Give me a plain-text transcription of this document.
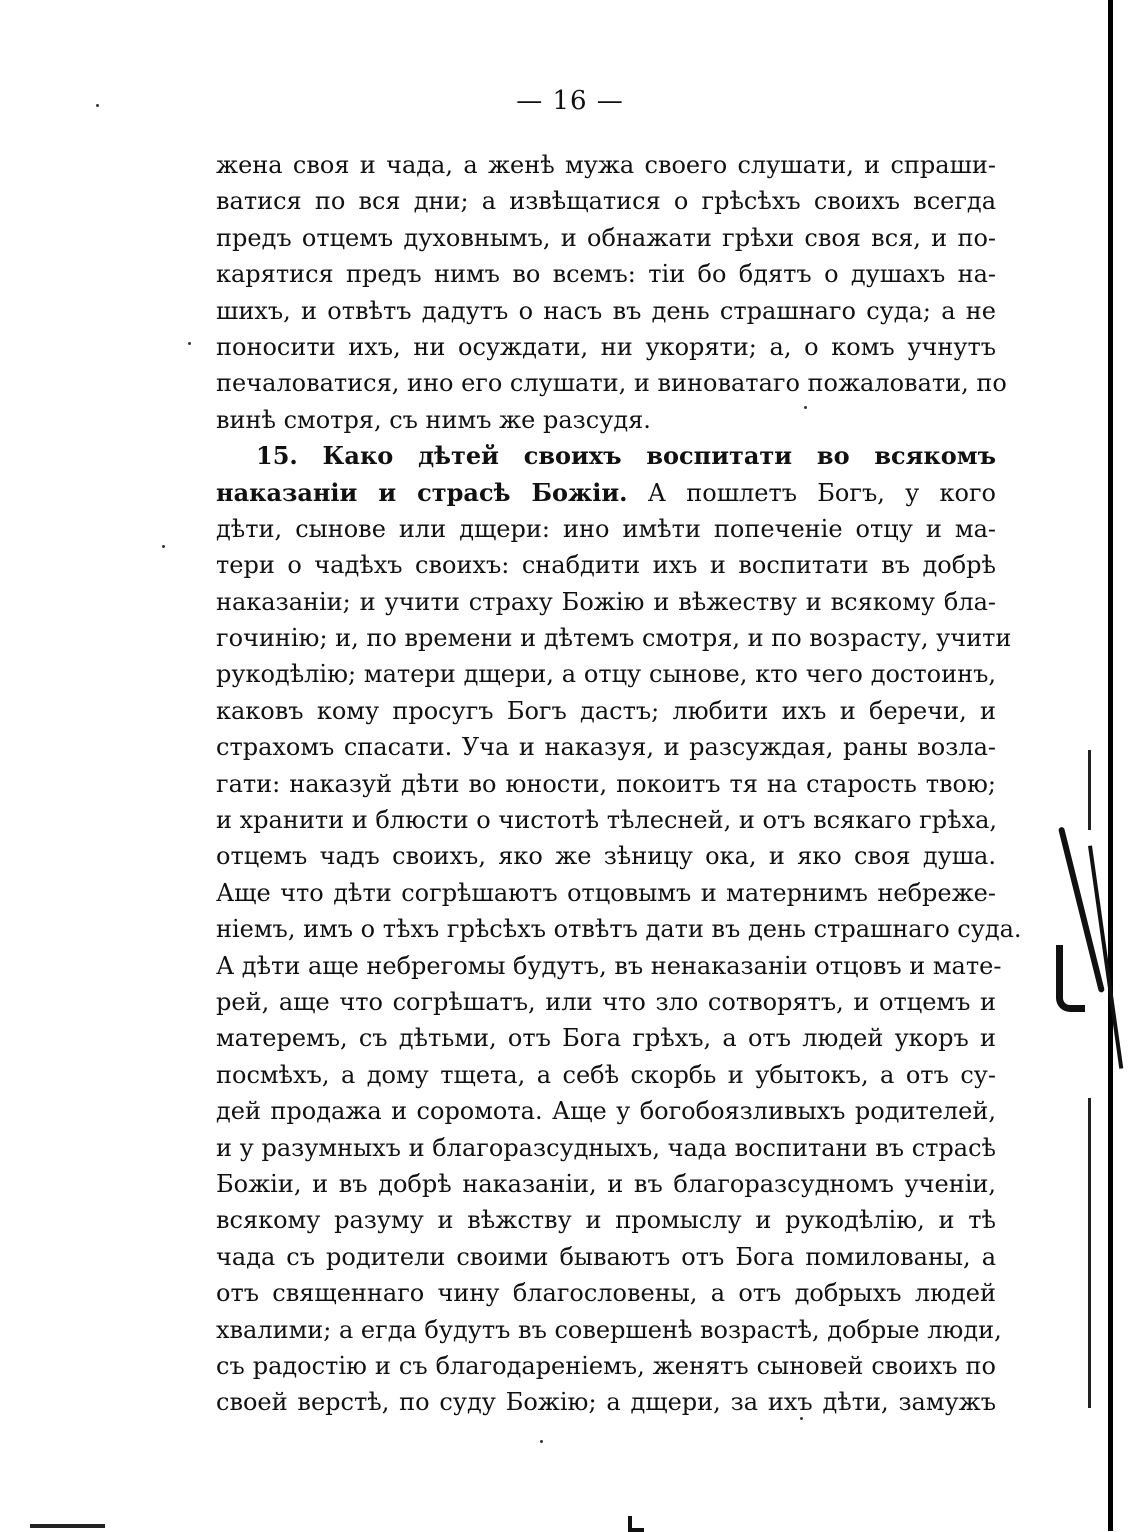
— 16 —
жена своя и чада, а женѣ мужа своего слушати, и спраши-
ватися по вся дни; а извѣщатися о грѣсѣхъ своихъ всегда
предъ отцемъ духовнымъ, и обнажати грѣхи своя вся, и по-
карятися предъ нимъ во всемъ: тіи бо бдятъ о душахъ на-
шихъ, и отвѣтъ дадутъ о насъ въ день страшнаго суда; а не
поносити ихъ, ни осуждати, ни укоряти; а, о комъ учнутъ
печаловатися, ино его слушати, и виноватаго пожаловати, по
винѣ смотря, съ нимъ же разсудя.
15. Како дѣтей своихъ воспитати во всякомъ
наказаніи и страсѣ Божіи. А пошлетъ Богъ, у кого
дѣти, сынове или дщери: ино имѣти попеченіе отцу и ма-
тери о чадѣхъ своихъ: снабдити ихъ и воспитати въ добрѣ
наказаніи; и учити страху Божію и вѣжеству и всякому бла-
гочинію; и, по времени и дѣтемъ смотря, и по возрасту, учити
рукодѣлію; матери дщери, а отцу сынове, кто чего достоинъ,
каковъ кому просугъ Богъ дастъ; любити ихъ и беречи, и
страхомъ спасати. Уча и наказуя, и разсуждая, раны возла-
гати: наказуй дѣти во юности, покоитъ тя на старость твою;
и хранити и блюсти о чистотѣ тѣлесней, и отъ всякаго грѣха,
отцемъ чадъ своихъ, яко же зѣницу ока, и яко своя душа.
Аще что дѣти согрѣшаютъ отцовымъ и матернимъ небреже-
ніемъ, имъ о тѣхъ грѣсѣхъ отвѣтъ дати въ день страшнаго суда.
А дѣти аще небрегомы будутъ, въ ненаказаніи отцовъ и мате-
рей, аще что согрѣшатъ, или что зло сотворятъ, и отцемъ и
матеремъ, съ дѣтьми, отъ Бога грѣхъ, а отъ людей укоръ и
посмѣхъ, а дому тщета, а себѣ скорбь и убытокъ, а отъ су-
дей продажа и соромота. Аще у богобоязливыхъ родителей,
и у разумныхъ и благоразсудныхъ, чада воспитани въ страсѣ
Божіи, и въ добрѣ наказаніи, и въ благоразсудномъ ученіи,
всякому разуму и вѣжству и промыслу и рукодѣлію, и тѣ
чада съ родители своими бываютъ отъ Бога помилованы, а
отъ священнаго чину благословены, а отъ добрыхъ людей
хвалими; а егда будутъ въ совершенѣ возрастѣ, добрые люди,
съ радостію и съ благодареніемъ, женятъ сыновей своихъ по
своей верстѣ, по суду Божію; а дщери, за ихъ дѣти, замужъ
